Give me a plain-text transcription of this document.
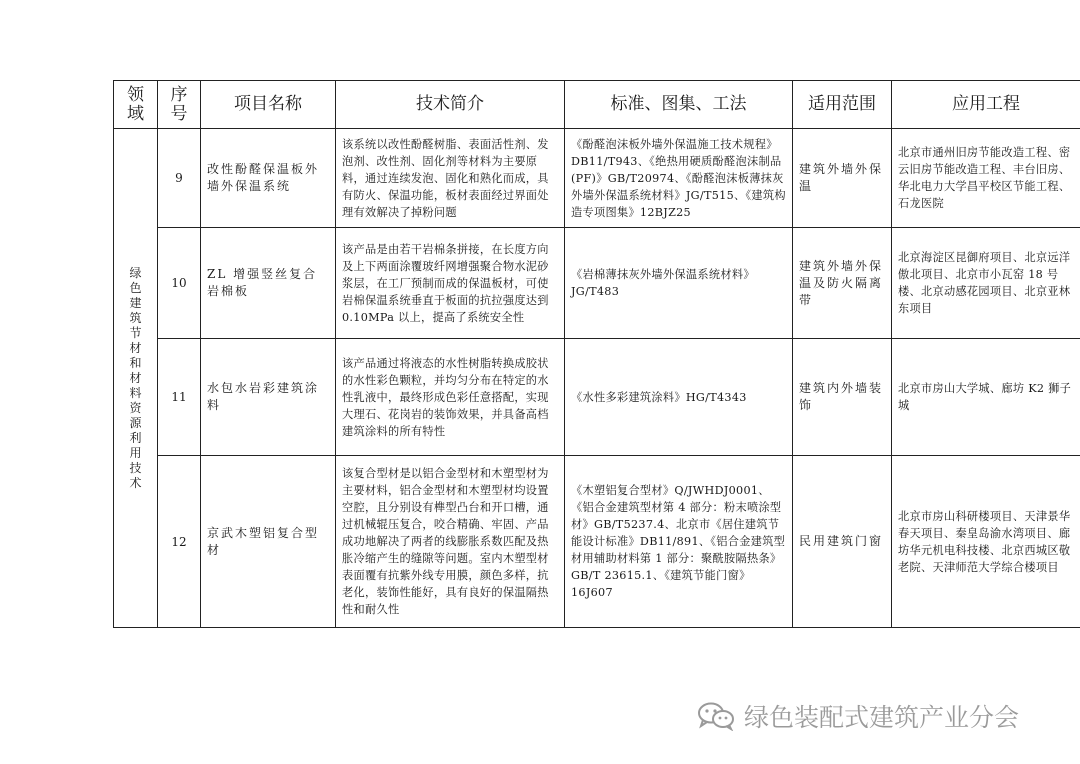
领域	序号	项目名称	技术简介	标准、图集、工法	适用范围	应用工程
绿色建筑节材和材料资源利用技术	9	改性酚醛保温板外墙外保温系统	该系统以改性酚醛树脂、表面活性剂、发泡剂、改性剂、固化剂等材料为主要原料，通过连续发泡、固化和熟化而成，具有防火、保温功能，板材表面经过界面处理有效解决了掉粉问题	《酚醛泡沫板外墙外保温施工技术规程》DB11/T943、《绝热用硬质酚醛泡沫制品(PF)》GB/T20974、《酚醛泡沫板薄抹灰外墙外保温系统材料》JG/T515、《建筑构造专项图集》12BJZ25	建筑外墙外保温	北京市通州旧房节能改造工程、密云旧房节能改造工程、丰台旧房、华北电力大学昌平校区节能工程、石龙医院
	10	ZL 增强竖丝复合岩棉板	该产品是由若干岩棉条拼接，在长度方向及上下两面涂覆玻纤网增强聚合物水泥砂浆层，在工厂预制而成的保温板材，可使岩棉保温系统垂直于板面的抗拉强度达到 0.10MPa 以上，提高了系统安全性	《岩棉薄抹灰外墙外保温系统材料》JG/T483	建筑外墙外保温及防火隔离带	北京海淀区昆御府项目、北京远洋傲北项目、北京市小瓦窑 18 号楼、北京动感花园项目、北京亚林东项目
	11	水包水岩彩建筑涂料	该产品通过将液态的水性树脂转换成胶状的水性彩色颗粒，并均匀分布在特定的水性乳液中，最终形成色彩任意搭配，实现大理石、花岗岩的装饰效果，并具备高档建筑涂料的所有特性	《水性多彩建筑涂料》HG/T4343	建筑内外墙装饰	北京市房山大学城、廊坊 K2 狮子城
	12	京武木塑铝复合型材	该复合型材是以铝合金型材和木塑型材为主要材料，铝合金型材和木塑型材均设置空腔，且分别设有榫型凸台和开口槽，通过机械辊压复合，咬合精确、牢固、产品成功地解决了两者的线膨胀系数匹配及热胀冷缩产生的缝隙等问题。室内木塑型材表面覆有抗紫外线专用膜，颜色多样，抗老化，装饰性能好，具有良好的保温隔热性和耐久性	《木塑铝复合型材》Q/JWHDJ0001、《铝合金建筑型材第 4 部分：粉末喷涂型材》GB/T5237.4、北京市《居住建筑节能设计标准》DB11/891、《铝合金建筑型材用辅助材料第 1 部分：聚酰胺隔热条》GB/T 23615.1、《建筑节能门窗》16J607	民用建筑门窗	北京市房山科研楼项目、天津景华春天项目、秦皇岛渝水湾项目、廊坊华元机电科技楼、北京西城区敬老院、天津师范大学综合楼项目
绿色装配式建筑产业分会
